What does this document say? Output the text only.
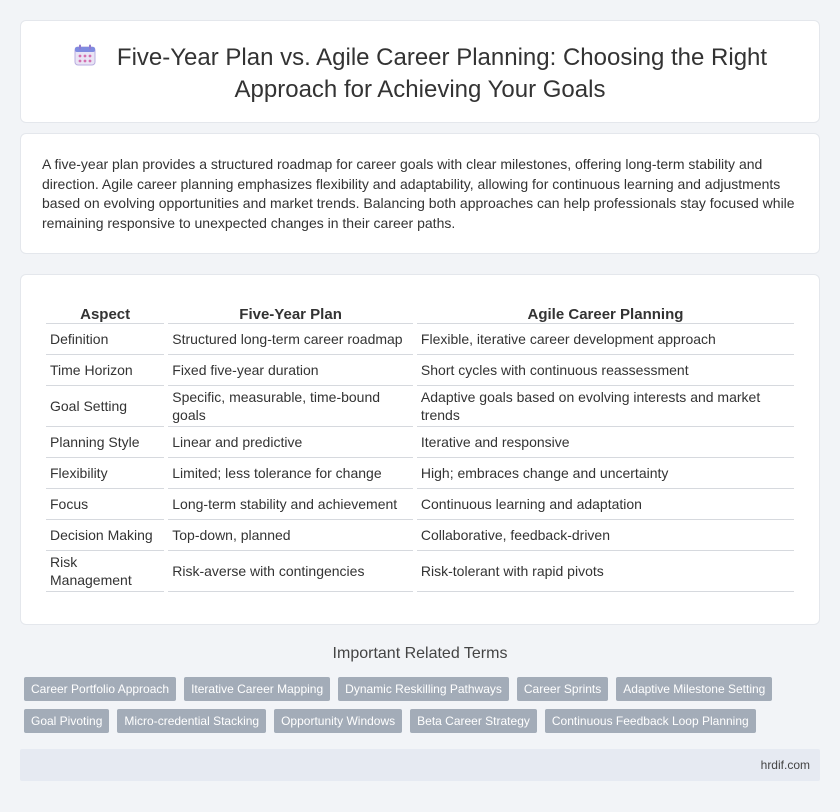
Five-Year Plan vs. Agile Career Planning: Choosing the Right Approach for Achieving Your Goals

A five-year plan provides a structured roadmap for career goals with clear milestones, offering long-term stability and direction. Agile career planning emphasizes flexibility and adaptability, allowing for continuous learning and adjustments based on evolving opportunities and market trends. Balancing both approaches can help professionals stay focused while remaining responsive to unexpected changes in their career paths.

Aspect	Five-Year Plan	Agile Career Planning
Definition	Structured long-term career roadmap	Flexible, iterative career development approach
Time Horizon	Fixed five-year duration	Short cycles with continuous reassessment
Goal Setting	Specific, measurable, time-bound goals	Adaptive goals based on evolving interests and market trends
Planning Style	Linear and predictive	Iterative and responsive
Flexibility	Limited; less tolerance for change	High; embraces change and uncertainty
Focus	Long-term stability and achievement	Continuous learning and adaptation
Decision Making	Top-down, planned	Collaborative, feedback-driven
Risk Management	Risk-averse with contingencies	Risk-tolerant with rapid pivots
Important Related Terms
Career Portfolio Approach	Iterative Career Mapping	Dynamic Reskilling Pathways	Career Sprints	Adaptive Milestone Setting
Goal Pivoting	Micro-credential Stacking	Opportunity Windows	Beta Career Strategy	Continuous Feedback Loop Planning
hrdif.com
